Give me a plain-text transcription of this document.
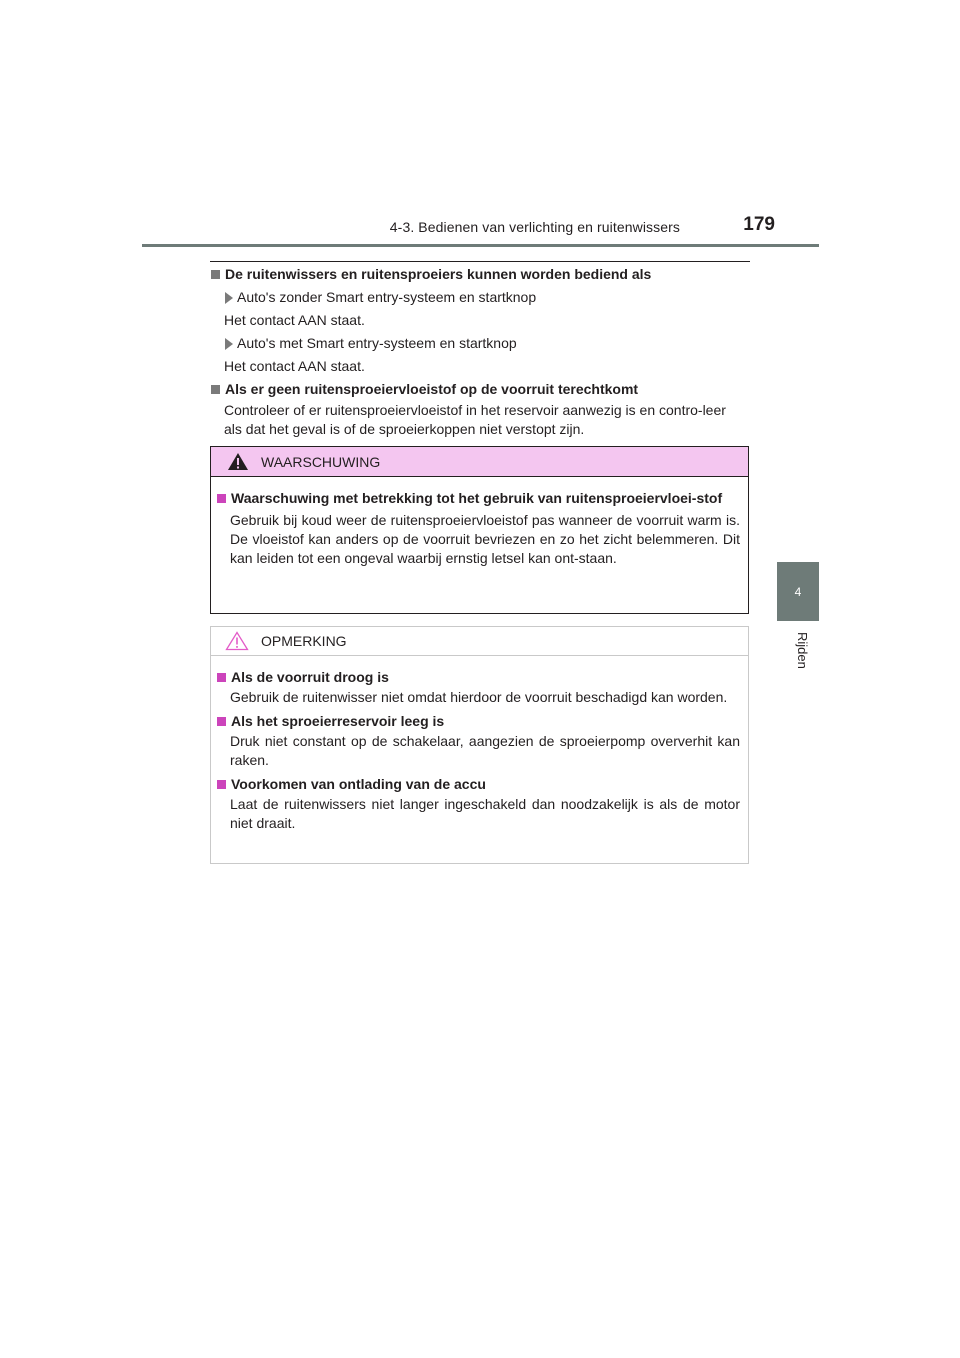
4-3. Bedienen van verlichting en ruitenwissers	179
4
Rijden
De ruitenwissers en ruitensproeiers kunnen worden bediend als
Auto's zonder Smart entry-systeem en startknop
Het contact AAN staat.
Auto's met Smart entry-systeem en startknop
Het contact AAN staat.
Als er geen ruitensproeiervloeistof op de voorruit terechtkomt
Controleer of er ruitensproeiervloeistof in het reservoir aanwezig is en contro-leer als dat het geval is of de sproeierkoppen niet verstopt zijn.
WAARSCHUWING
Waarschuwing met betrekking tot het gebruik van ruitensproeiervloei-stof
Gebruik bij koud weer de ruitensproeiervloeistof pas wanneer de voorruit warm is. De vloeistof kan anders op de voorruit bevriezen en zo het zicht belemmeren. Dit kan leiden tot een ongeval waarbij ernstig letsel kan ont-staan.
OPMERKING
Als de voorruit droog is
Gebruik de ruitenwisser niet omdat hierdoor de voorruit beschadigd kan worden.
Als het sproeierreservoir leeg is
Druk niet constant op de schakelaar, aangezien de sproeierpomp oververhit kan raken.
Voorkomen van ontlading van de accu
Laat de ruitenwissers niet langer ingeschakeld dan noodzakelijk is als de motor niet draait.
